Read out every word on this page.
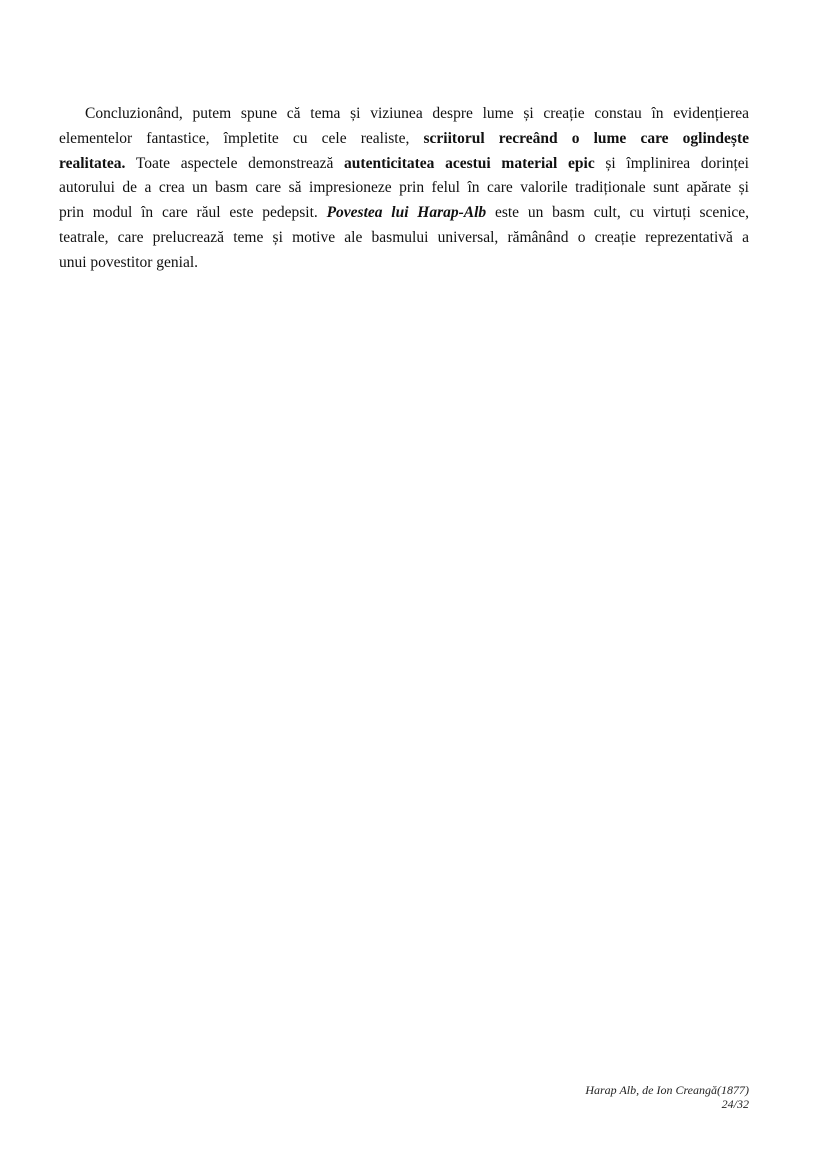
Concluzionând, putem spune că tema și viziunea despre lume și creație constau în evidențierea
elementelor fantastice, împletite cu cele realiste, scriitorul recreând o lume care oglindește
realitatea. Toate aspectele demonstrează autenticitatea acestui material epic și împlinirea dorinței
autorului de a crea un basm care să impresioneze prin felul în care valorile tradiționale sunt apărate și
prin modul în care răul este pedepsit. Povestea lui Harap-Alb este un basm cult, cu virtuți scenice,
teatrale, care prelucrează teme și motive ale basmului universal, rămânând o creație reprezentativă a
unui povestitor genial.
Harap Alb, de Ion Creangă(1877)
24/32
